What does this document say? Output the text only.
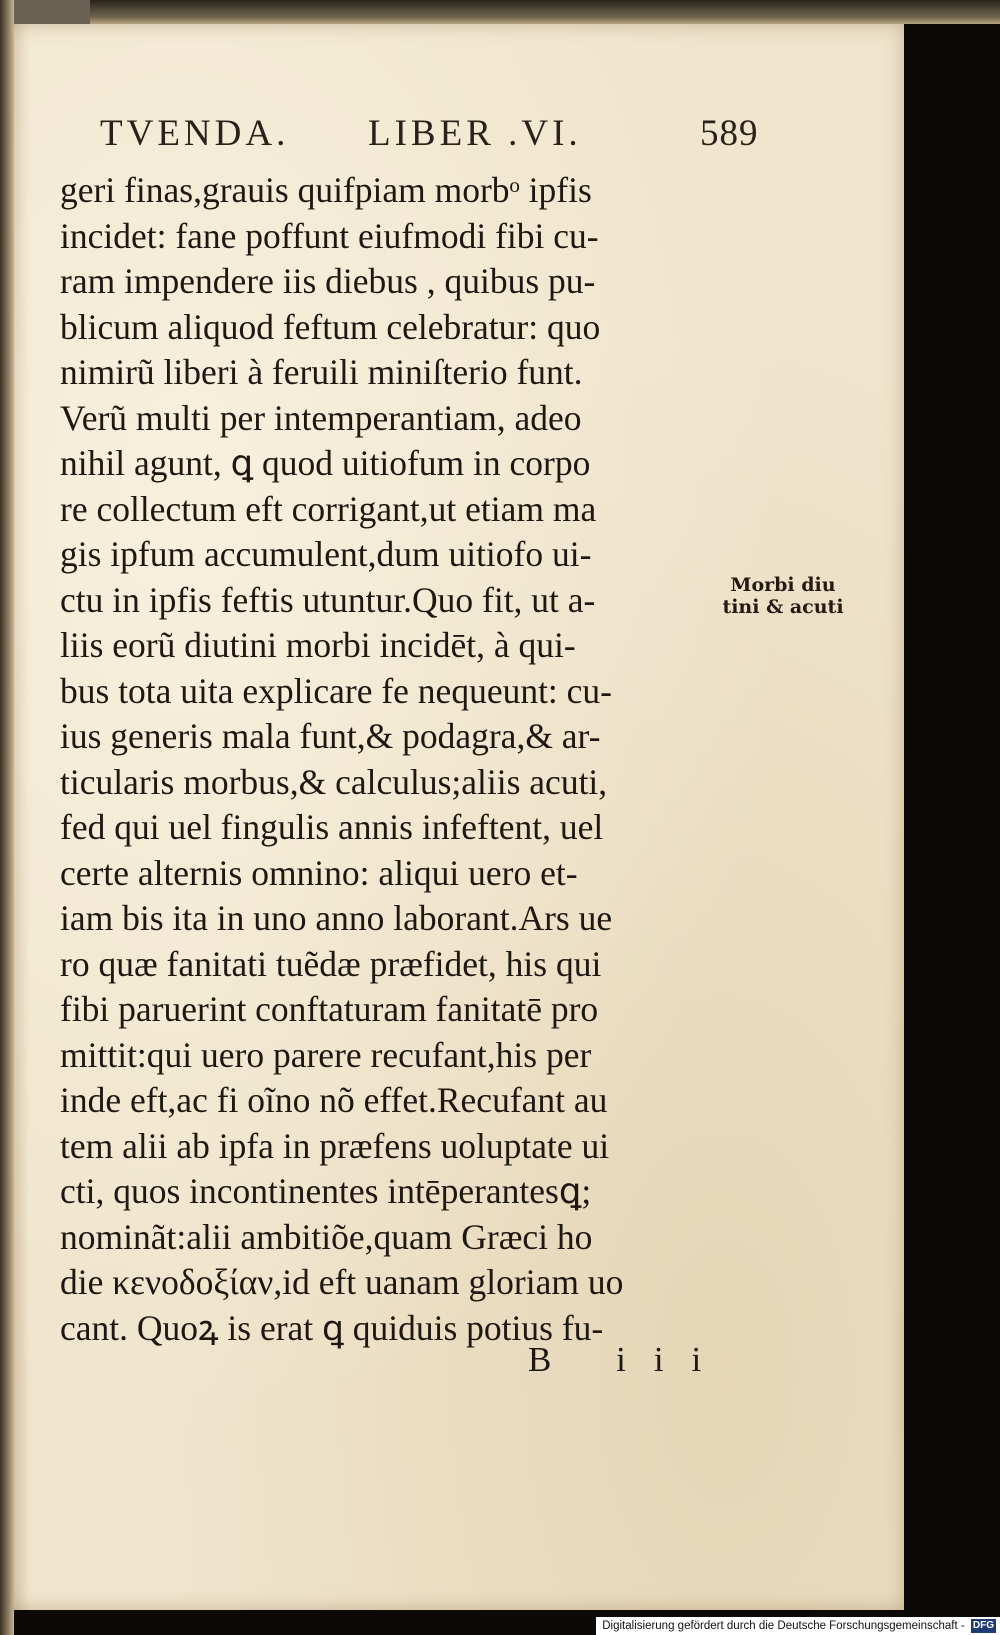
TVENDA. LIBER .VI.	589
geri finas,grauis quifpiam morbᵒ ipfis
incidet: fane poffunt eiufmodi fibi cu-
ram impendere iis diebus , quibus pu-
blicum aliquod feftum celebratur: quo
nimirũ liberi à feruili miniſterio funt.
Verũ multi per intemperantiam, adeo
nihil agunt, ꝗ quod uitiofum in corpo
re collectum eft corrigant,ut etiam ma
gis ipfum accumulent,dum uitiofo ui-
ctu in ipfis feftis utuntur.Quo fit, ut a-
liis eorũ diutini morbi incidēt, à qui-
bus tota uita explicare fe nequeunt: cu-
ius generis mala funt,& podagra,& ar-
ticularis morbus,& calculus;aliis acuti,
fed qui uel fingulis annis infeftent, uel
certe alternis omnino: aliqui uero et-
iam bis ita in uno anno laborant.Ars ue
ro quæ fanitati tuẽdæ præfidet, his qui
fibi paruerint conftaturam fanitatē pro
mittit:qui uero parere recufant,his per
inde eft,ac fi oĩno nõ effet.Recufant au
tem alii ab ipfa in præfens uoluptate ui
cti, quos incontinentes intēperantesꝗ;
nominãt:alii ambitiõe,quam Græci ho
die κενοδοξίαν,id eft uanam gloriam uo
cant. Quoꝝ is erat ꝗ quiduis potius fu-
Morbi diu
tini & acuti
B iii
Digitalisierung gefördert durch die Deutsche Forschungsgemeinschaft - DFG
